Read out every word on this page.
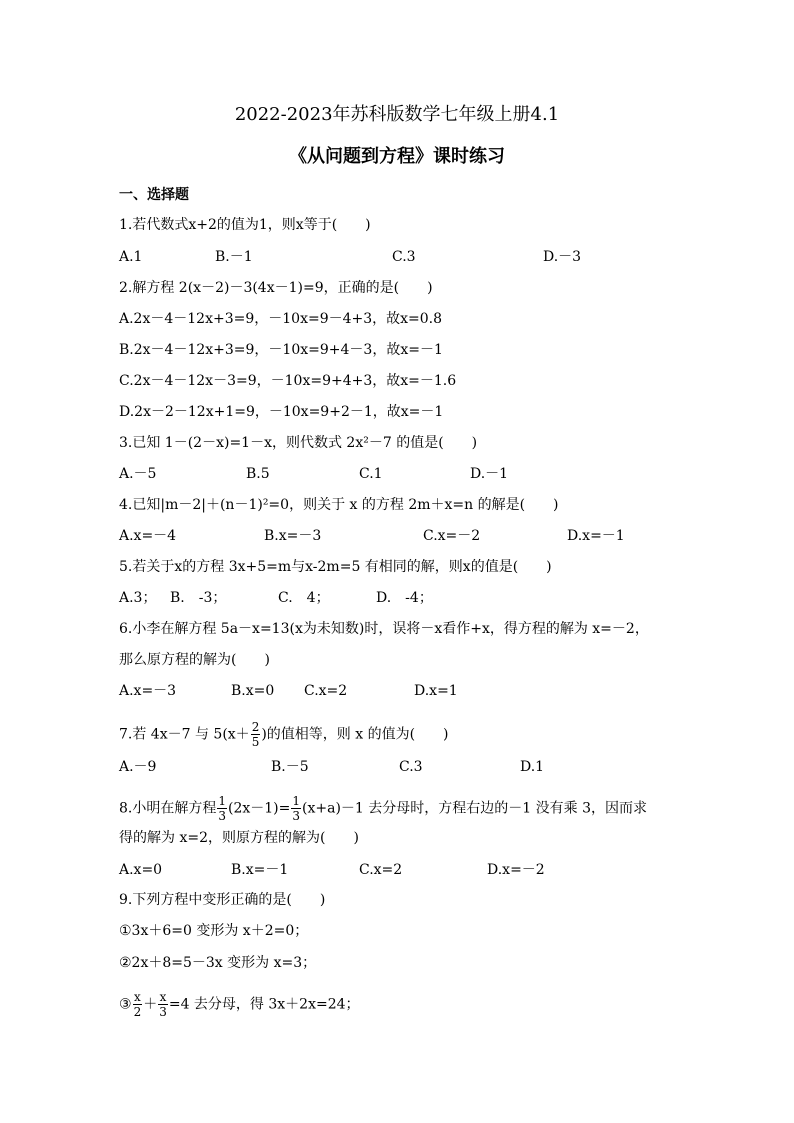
2022-2023年苏科版数学七年级上册4.1
《从问题到方程》课时练习
一、选择题
1.若代数式x+2的值为1，则x等于(　　)
A.1	B.－1	C.3	D.－3
2.解方程 2(x－2)－3(4x－1)=9，正确的是(　　)
A.2x－4－12x+3=9，－10x=9－4+3，故x=0.8
B.2x－4－12x+3=9，－10x=9+4－3，故x=－1
C.2x－4－12x－3=9，－10x=9+4+3，故x=－1.6
D.2x－2－12x+1=9，－10x=9+2－1，故x=－1
3.已知 1－(2－x)=1－x，则代数式 2x²－7 的值是(　　)
A.－5	B.5	C.1	D.－1
4.已知|m－2|＋(n－1)²=0，则关于 x 的方程 2m＋x=n 的解是(　　)
A.x=－4	B.x=－3	C.x=－2	D.x=－1
5.若关于x的方程 3x+5=m与x-2m=5 有相同的解，则x的值是(　　)
A.3； B.　-3；	C.　4；	D.　-4；
6.小李在解方程 5a－x=13(x为未知数)时，误将－x看作+x，得方程的解为 x=－2，
那么原方程的解为(　　)
A.x=－3	B.x=0 C.x=2	D.x=1
7.若 4x－7 与 $5(x+ \frac{2}{5}$ )的值相等，则 x 的值为(　　)
A.－9	B.－5	C.3	D.1
8.小明在解方程 $\frac{1}{3} (2x-1)= \frac{1}{3} (x+a)-1$ 去分母时，方程右边的－1 没有乘 3，因而求
得的解为 x=2，则原方程的解为(　　)
A.x=0	B.x=－1	C.x=2	D.x=－2
9.下列方程中变形正确的是(　　)
①3x＋6=0 变形为 x＋2=0；
②2x＋8=5－3x 变形为 x=3；
③ $\frac{x}{2} + \frac{x}{3} =4$ 去分母，得 3x＋2x=24；
